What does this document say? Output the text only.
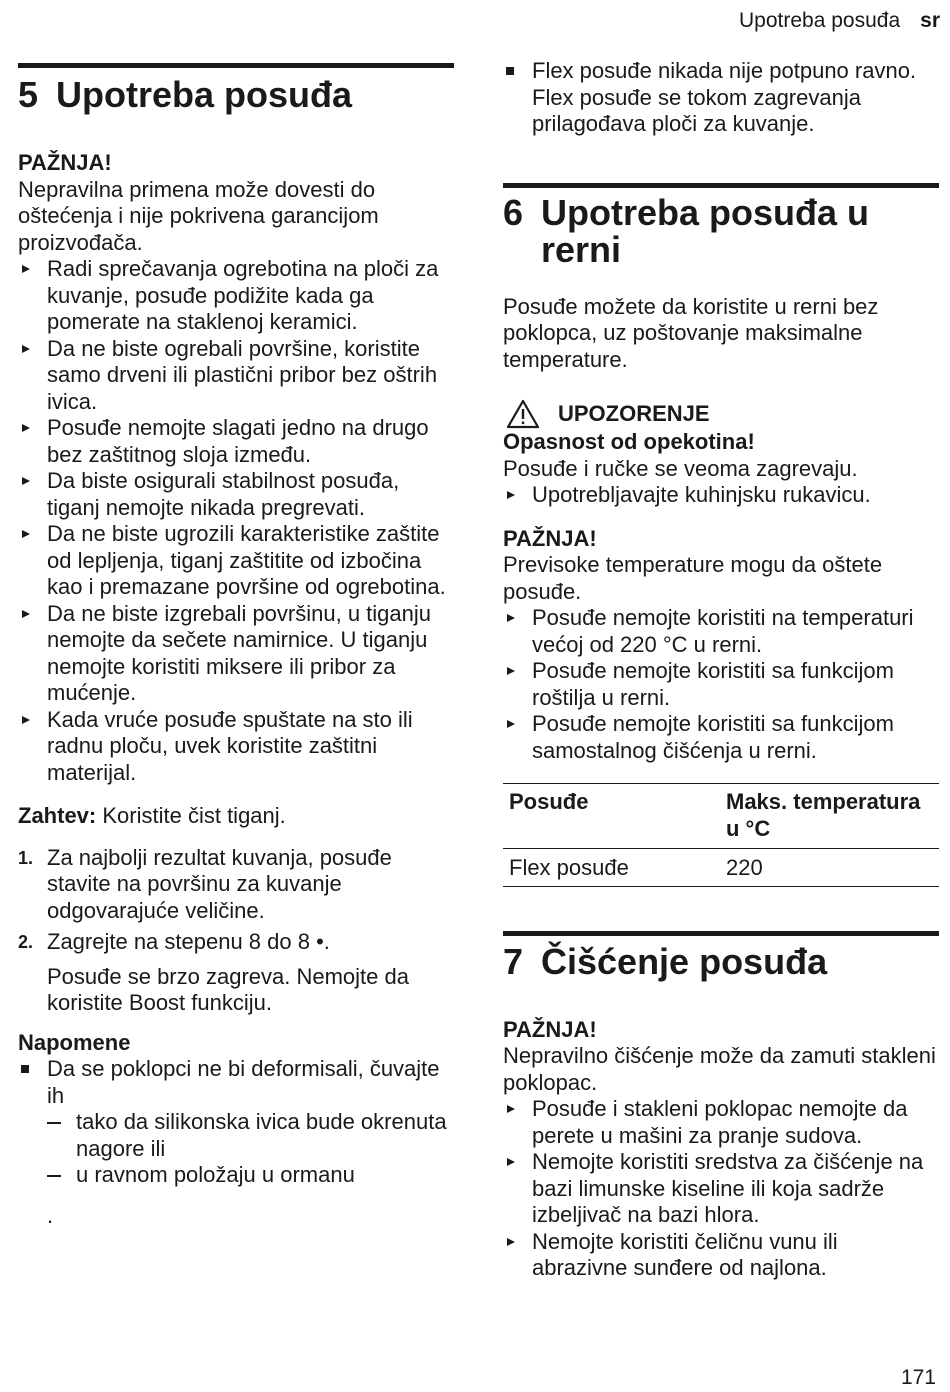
Upotreba posuđa sr
5 Upotreba posuđa

PAŽNJA!

Nepravilna primena može dovesti do oštećenja i nije pokrivena garancijom proizvođača.

Radi sprečavanja ogrebotina na ploči za kuvanje, posuđe podižite kada ga pomerate na staklenoj keramici.
Da ne biste ogrebali površine, koristite samo drveni ili plastični pribor bez oštrih ivica.
Posuđe nemojte slagati jedno na drugo bez zaštitnog sloja između.
Da biste osigurali stabilnost posuđa, tiganj nemojte nikada pregrevati.
Da ne biste ugrozili karakteristike zaštite od lepljenja, tiganj zaštitite od izbočina kao i premazane površine od ogrebotina.
Da ne biste izgrebali površinu, u tiganju nemojte da sečete namirnice. U tiganju nemojte koristiti miksere ili pribor za mućenje.
Kada vruće posuđe spuštate na sto ili radnu ploču, uvek koristite zaštitni materijal.

Zahtev: Koristite čist tiganj.

1. Za najbolji rezultat kuvanja, posuđe stavite na površinu za kuvanje odgovarajuće veličine.
2. Zagrejte na stepenu 8 do 8 •.

Posuđe se brzo zagreva. Nemojte da koristite Boost funkciju.

Napomene

Da se poklopci ne bi deformisali, čuvajte ih
tako da silikonska ivica bude okrenuta nagore ili
u ravnom položaju u ormanu

.

Flex posuđe nikada nije potpuno ravno. Flex posuđe se tokom zagrevanja prilagođava ploči za kuvanje.
6 Upotreba posuđa u rerni

Posuđe možete da koristite u rerni bez poklopca, uz poštovanje maksimalne temperature.

UPOZORENJE

Opasnost od opekotina!

Posuđe i ručke se veoma zagrevaju.

Upotrebljavajte kuhinjsku rukavicu.

PAŽNJA!

Previsoke temperature mogu da oštete posuđe.

Posuđe nemojte koristiti na temperaturi većoj od 220 °C u rerni.
Posuđe nemojte koristiti sa funkcijom roštilja u rerni.
Posuđe nemojte koristiti sa funkcijom samostalnog čišćenja u rerni.
Posuđe	Maks. temperatura u °C
Flex posuđe	220
7 Čišćenje posuđa

PAŽNJA!

Nepravilno čišćenje može da zamuti stakleni poklopac.

Posuđe i stakleni poklopac nemojte da perete u mašini za pranje sudova.
Nemojte koristiti sredstva za čišćenje na bazi limunske kiseline ili koja sadrže izbeljivač na bazi hlora.
Nemojte koristiti čeličnu vunu ili abrazivne sunđere od najlona.
171
